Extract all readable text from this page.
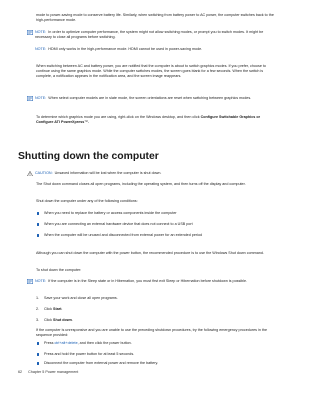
mode to power-saving mode to conserve battery life. Similarly, when switching from battery power to AC power, the computer switches back to the high-performance mode.

NOTE: In order to optimize computer performance, the system might not allow switching modes, or prompt you to switch modes. It might be necessary to close all programs before switching.
NOTE: HDMI only works in the high-performance mode. HDMI cannot be used in power-saving mode.

When switching between AC and battery power, you are notified that the computer is about to switch graphics modes. If you prefer, choose to continue using the same graphics mode. While the computer switches modes, the screen goes blank for a few seconds. When the switch is complete, a notification appears in the notification area, and the screen image reappears.

NOTE: When select computer models are in slate mode, the screen orientations are reset when switching between graphics modes.

To determine which graphics mode you are using, right-click on the Windows desktop, and then click Configure Switchable Graphics or Configure ATI PowerXpress™.

Shutting down the computer
CAUTION: Unsaved information will be lost when the computer is shut down.

The Shut down command closes all open programs, including the operating system, and then turns off the display and computer.

Shut down the computer under any of the following conditions:

When you need to replace the battery or access components inside the computer
When you are connecting an external hardware device that does not connect to a USB port
When the computer will be unused and disconnected from external power for an extended period

Although you can shut down the computer with the power button, the recommended procedure is to use the Windows Shut down command.

To shut down the computer:

NOTE: If the computer is in the Sleep state or in Hibernation, you must first exit Sleep or Hibernation before shutdown is possible.
1. Save your work and close all open programs.
2. Click Start.
3. Click Shut down.

If the computer is unresponsive and you are unable to use the preceding shutdown procedures, try the following emergency procedures in the sequence provided:

Press ctrl+alt+delete, and then click the power button.
Press and hold the power button for at least 5 seconds.
Disconnect the computer from external power and remove the battery.
62 Chapter 5 Power management
